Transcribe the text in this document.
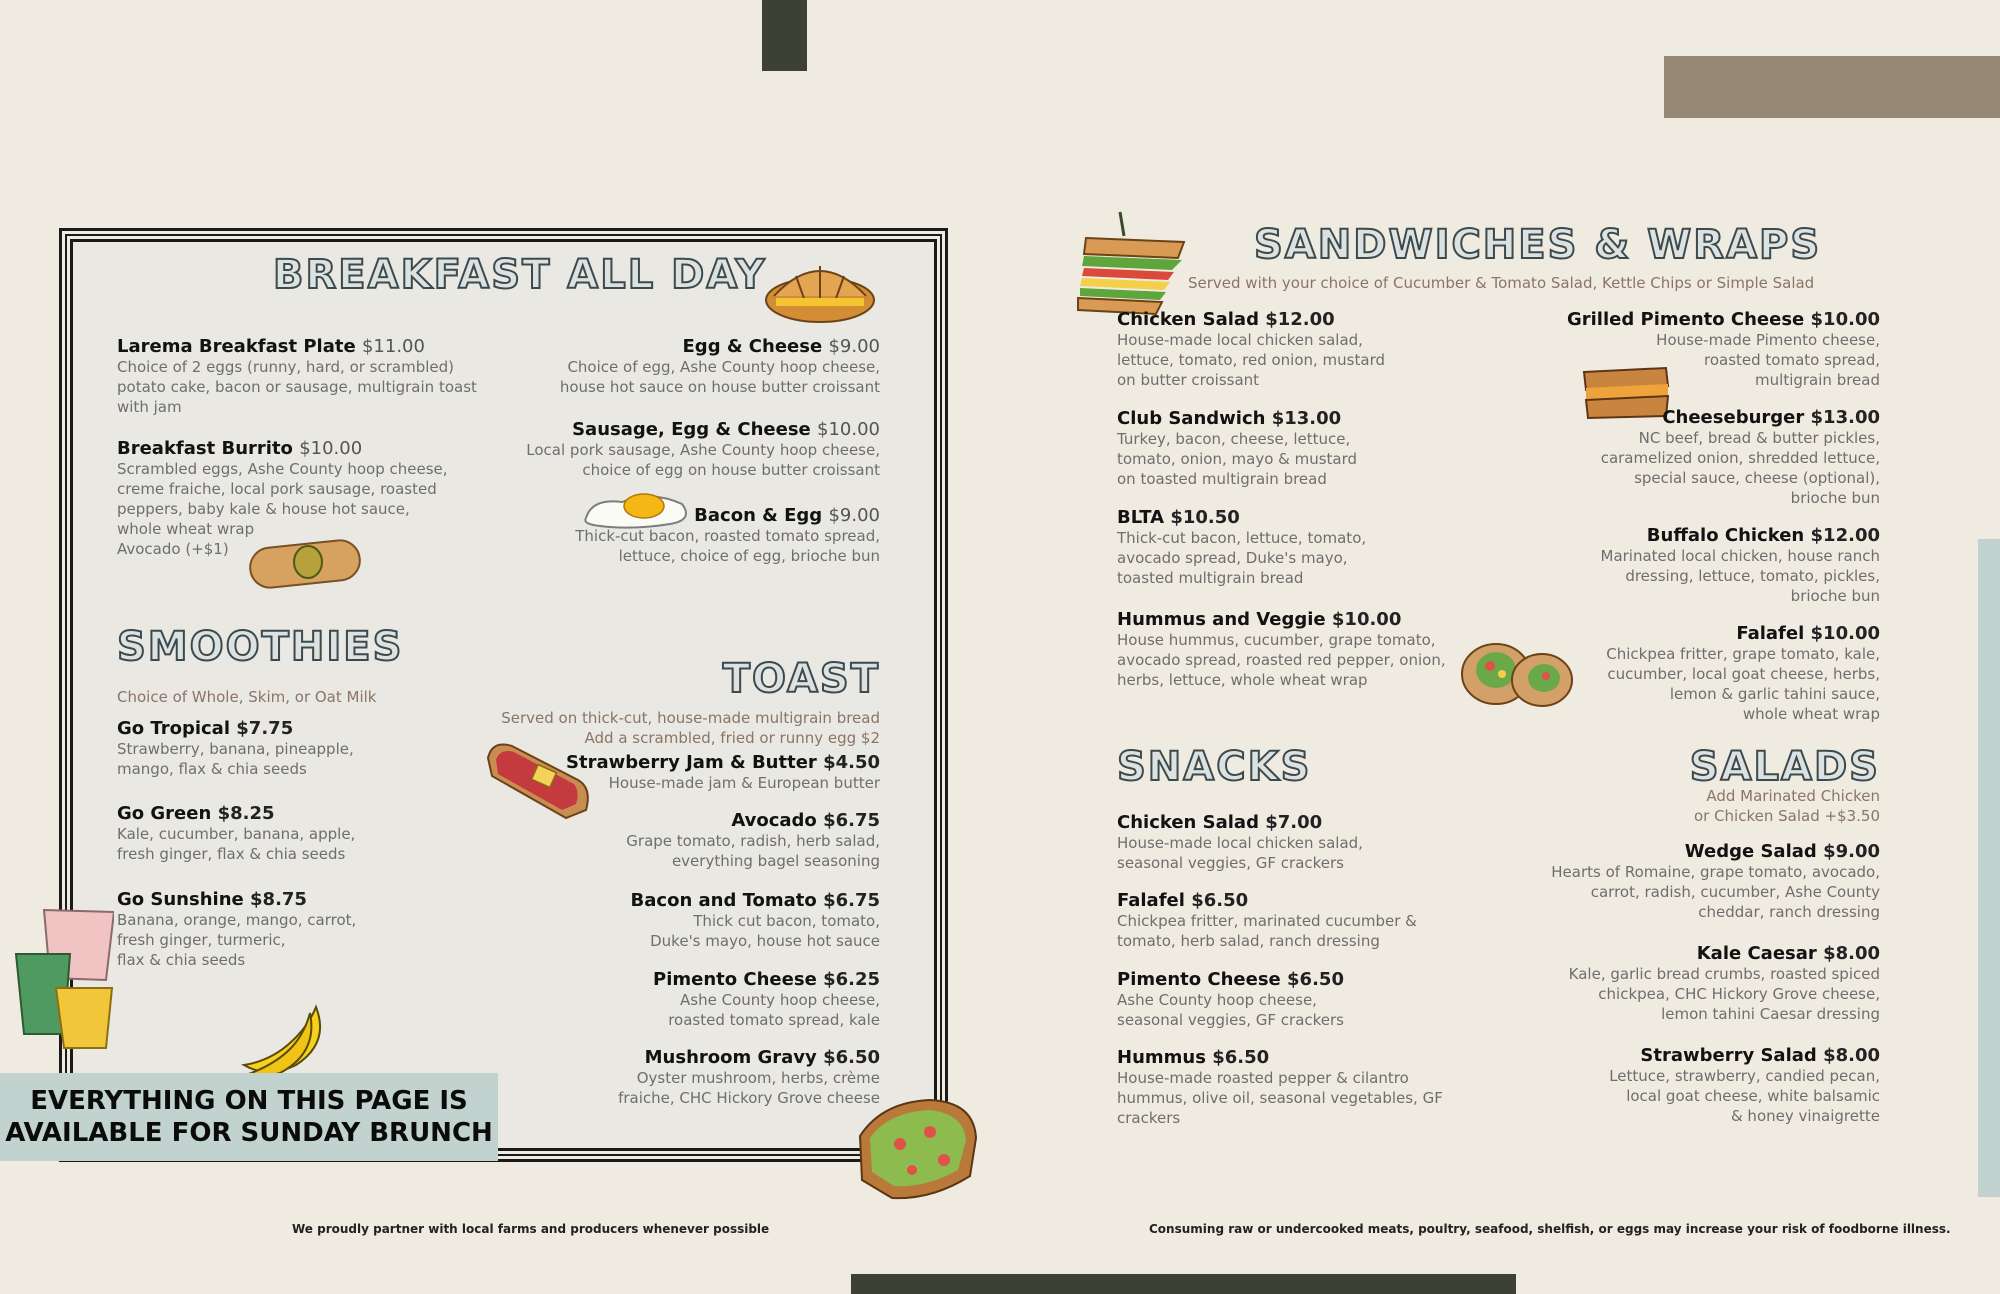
BREAKFAST ALL DAY
Larema Breakfast Plate $11.00
Choice of 2 eggs (runny, hard, or scrambled)
potato cake, bacon or sausage, multigrain toast
with jam
Breakfast Burrito $10.00
Scrambled eggs, Ashe County hoop cheese,
creme fraiche, local pork sausage, roasted
peppers, baby kale & house hot sauce,
whole wheat wrap
Avocado (+$1)
Egg & Cheese $9.00
Choice of egg, Ashe County hoop cheese,
house hot sauce on house butter croissant
Sausage, Egg & Cheese $10.00
Local pork sausage, Ashe County hoop cheese,
choice of egg on house butter croissant
Bacon & Egg $9.00
Thick-cut bacon, roasted tomato spread,
lettuce, choice of egg, brioche bun
SMOOTHIES
Choice of Whole, Skim, or Oat Milk
Go Tropical $7.75
Strawberry, banana, pineapple,
mango, flax & chia seeds
Go Green $8.25
Kale, cucumber, banana, apple,
fresh ginger, flax & chia seeds
Go Sunshine $8.75
Banana, orange, mango, carrot,
fresh ginger, turmeric,
flax & chia seeds
TOAST
Served on thick-cut, house-made multigrain bread
Add a scrambled, fried or runny egg $2
Strawberry Jam & Butter $4.50
House-made jam & European butter
Avocado $6.75
Grape tomato, radish, herb salad,
everything bagel seasoning
Bacon and Tomato $6.75
Thick cut bacon, tomato,
Duke's mayo, house hot sauce
Pimento Cheese $6.25
Ashe County hoop cheese,
roasted tomato spread, kale
Mushroom Gravy $6.50
Oyster mushroom, herbs, crème
fraiche, CHC Hickory Grove cheese
EVERYTHING ON THIS PAGE IS
AVAILABLE FOR SUNDAY BRUNCH
We proudly partner with local farms and producers whenever possible
SANDWICHES & WRAPS
Served with your choice of Cucumber & Tomato Salad, Kettle Chips or Simple Salad
Chicken Salad $12.00
House-made local chicken salad,
lettuce, tomato, red onion, mustard
on butter croissant
Club Sandwich $13.00
Turkey, bacon, cheese, lettuce,
tomato, onion, mayo & mustard
on toasted multigrain bread
BLTA $10.50
Thick-cut bacon, lettuce, tomato,
avocado spread, Duke's mayo,
toasted multigrain bread
Hummus and Veggie $10.00
House hummus, cucumber, grape tomato,
avocado spread, roasted red pepper, onion,
herbs, lettuce, whole wheat wrap
Grilled Pimento Cheese $10.00
House-made Pimento cheese,
roasted tomato spread,
multigrain bread
Cheeseburger $13.00
NC beef, bread & butter pickles,
caramelized onion, shredded lettuce,
special sauce, cheese (optional),
brioche bun
Buffalo Chicken $12.00
Marinated local chicken, house ranch
dressing, lettuce, tomato, pickles,
brioche bun
Falafel $10.00
Chickpea fritter, grape tomato, kale,
cucumber, local goat cheese, herbs,
lemon & garlic tahini sauce,
whole wheat wrap
SNACKS
Chicken Salad $7.00
House-made local chicken salad,
seasonal veggies, GF crackers
Falafel $6.50
Chickpea fritter, marinated cucumber &
tomato, herb salad, ranch dressing
Pimento Cheese $6.50
Ashe County hoop cheese,
seasonal veggies, GF crackers
Hummus $6.50
House-made roasted pepper & cilantro
hummus, olive oil, seasonal vegetables, GF
crackers
SALADS
Add Marinated Chicken
or Chicken Salad +$3.50
Wedge Salad $9.00
Hearts of Romaine, grape tomato, avocado,
carrot, radish, cucumber, Ashe County
cheddar, ranch dressing
Kale Caesar $8.00
Kale, garlic bread crumbs, roasted spiced
chickpea, CHC Hickory Grove cheese,
lemon tahini Caesar dressing
Strawberry Salad $8.00
Lettuce, strawberry, candied pecan,
local goat cheese, white balsamic
& honey vinaigrette
Consuming raw or undercooked meats, poultry, seafood, shelfish, or eggs may increase your risk of foodborne illness.
